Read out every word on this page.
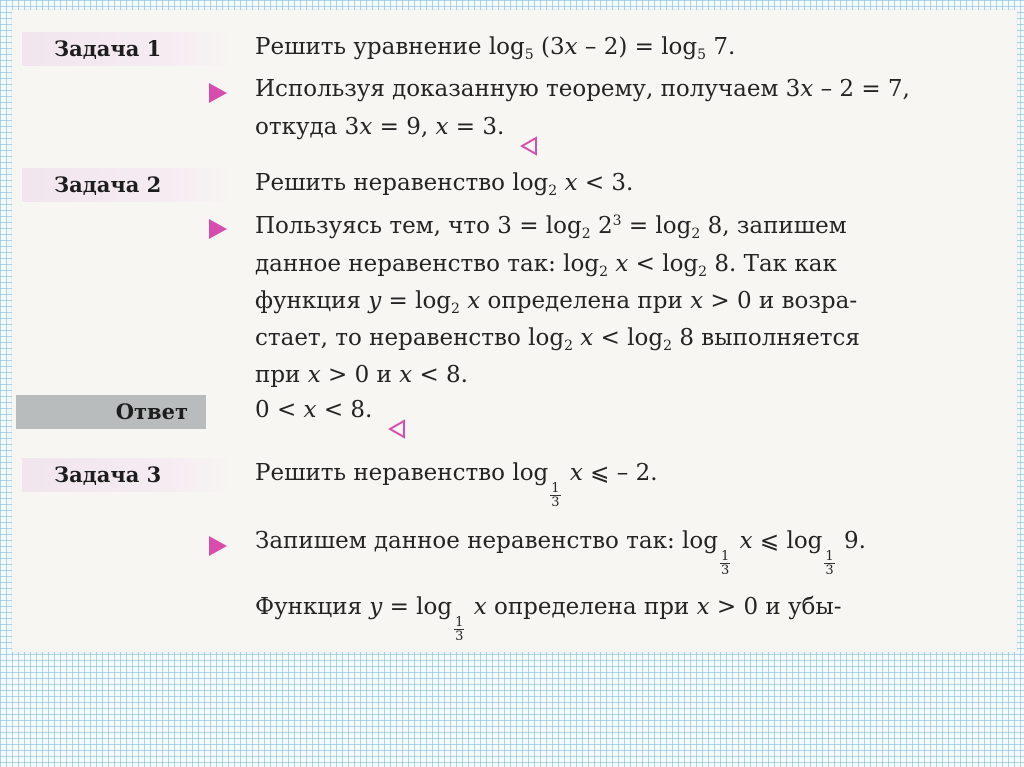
Задача 1	Решить уравнение $\log_5 (3x - 2) = \log_5 7$.
Используя доказанную теорему, получаем 3x – 2 = 7,
откуда 3x = 9, x = 3.
Задача 2	Решить неравенство $\log_2 x < 3$.
Пользуясь тем, что $3 = \log_2 2^3 = \log_2 8$, запишем
данное неравенство так: $\log_2 x < \log_2 8$. Так как
функция $y = \log_2 x$ определена при x > 0 и возра-
стает, то неравенство $\log_2 x < \log_2 8$ выполняется
при x > 0 и x < 8.
Ответ	0 < x < 8.
Задача 3	Решить неравенство log
$\frac{1}{3}$
x ⩽ – 2.
Запишем данное неравенство так: log
$\frac{1}{3}$
x ⩽ log
$\frac{1}{3}$
9.
Функция y = log
$\frac{1}{3}$
x определена при x > 0 и убы-
